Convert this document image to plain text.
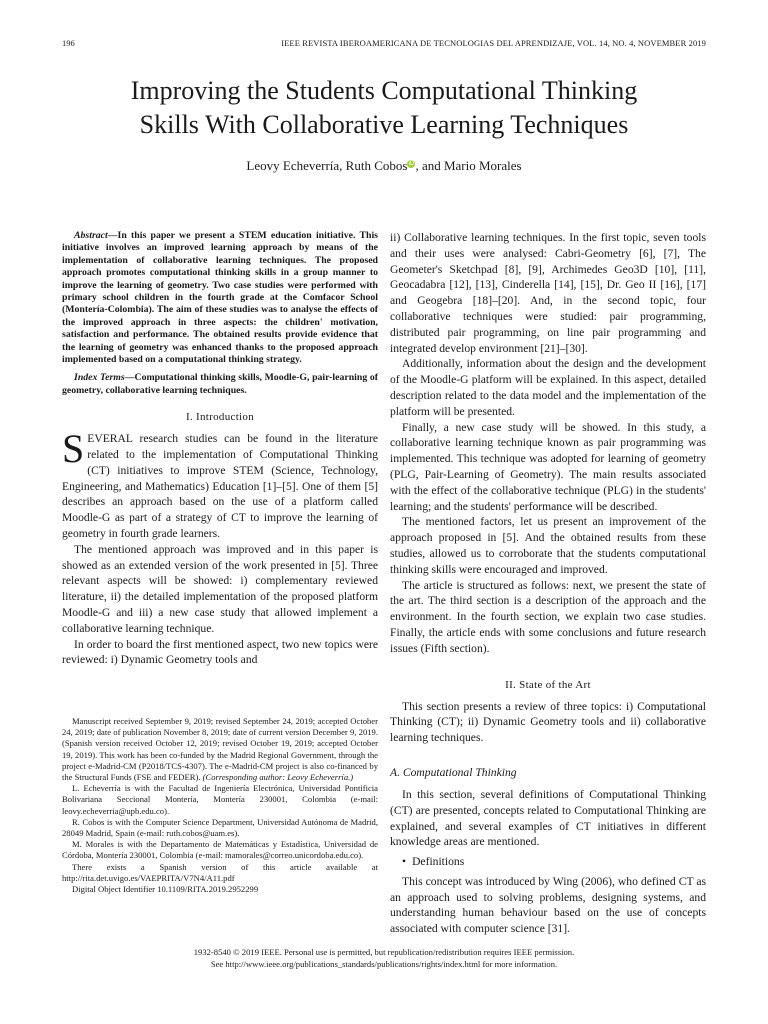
196	IEEE REVISTA IBEROAMERICANA DE TECNOLOGIAS DEL APRENDIZAJE, VOL. 14, NO. 4, NOVEMBER 2019
Improving the Students Computational Thinking
Skills With Collaborative Learning Techniques
Leovy Echeverría, Ruth CobosiD, and Mario Morales

Abstract—In this paper we present a STEM education initiative. This initiative involves an improved learning approach by means of the implementation of collaborative learning techniques. The proposed approach promotes computational thinking skills in a group manner to improve the learning of geometry. Two case studies were performed with primary school children in the fourth grade at the Comfacor School (Montería-Colombia). The aim of these studies was to analyse the effects of the improved approach in three aspects: the children' motivation, satisfaction and performance. The obtained results provide evidence that the learning of geometry was enhanced thanks to the proposed approach implemented based on a computational thinking strategy.

Index Terms—Computational thinking skills, Moodle-G, pair-learning of geometry, collaborative learning techniques.

I. Introduction

SEVERAL research studies can be found in the literature related to the implementation of Computational Thinking (CT) initiatives to improve STEM (Science, Technology, Engineering, and Mathematics) Education [1]–[5]. One of them [5] describes an approach based on the use of a platform called Moodle-G as part of a strategy of CT to improve the learning of geometry in fourth grade learners.

The mentioned approach was improved and in this paper is showed as an extended version of the work presented in [5]. Three relevant aspects will be showed: i) complementary reviewed literature, ii) the detailed implementation of the proposed platform Moodle-G and iii) a new case study that allowed implement a collaborative learning technique.

In order to board the first mentioned aspect, two new topics were reviewed: i) Dynamic Geometry tools and

Manuscript received September 9, 2019; revised September 24, 2019; accepted October 24, 2019; date of publication November 8, 2019; date of current version December 9, 2019. (Spanish version received October 12, 2019; revised October 19, 2019; accepted October 19, 2019). This work has been co-funded by the Madrid Regional Government, through the project e-Madrid-CM (P2018/TCS-4307). The e-Madrid-CM project is also co-financed by the Structural Funds (FSE and FEDER). (Corresponding author: Leovy Echeverría.)

L. Echeverría is with the Facultad de Ingeniería Electrónica, Universidad Pontificia Bolivariana Seccional Montería, Montería 230001, Colombia (e-mail: leovy.echeverria@upb.edu.co).

R. Cobos is with the Computer Science Department, Universidad Autónoma de Madrid, 28049 Madrid, Spain (e-mail: ruth.cobos@uam.es).

M. Morales is with the Departamento de Matemáticas y Estadística, Universidad de Córdoba, Montería 230001, Colombia (e-mail: mamorales@correo.unicordoba.edu.co).

There exists a Spanish version of this article available at http://rita.det.uvigo.es/VAEPRITA/V7N4/A11.pdf

Digital Object Identifier 10.1109/RITA.2019.2952299

ii) Collaborative learning techniques. In the first topic, seven tools and their uses were analysed: Cabri-Geometry [6], [7], The Geometer's Sketchpad [8], [9], Archimedes Geo3D [10], [11], Geocadabra [12], [13], Cinderella [14], [15], Dr. Geo II [16], [17] and Geogebra [18]–[20]. And, in the second topic, four collaborative techniques were studied: pair programming, distributed pair programming, on line pair programming and integrated develop environment [21]–[30].

Additionally, information about the design and the development of the Moodle-G platform will be explained. In this aspect, detailed description related to the data model and the implementation of the platform will be presented.

Finally, a new case study will be showed. In this study, a collaborative learning technique known as pair programming was implemented. This technique was adopted for learning of geometry (PLG, Pair-Learning of Geometry). The main results associated with the effect of the collaborative technique (PLG) in the students' learning; and the students' performance will be described.

The mentioned factors, let us present an improvement of the approach proposed in [5]. And the obtained results from these studies, allowed us to corroborate that the students computational thinking skills were encouraged and improved.

The article is structured as follows: next, we present the state of the art. The third section is a description of the approach and the environment. In the fourth section, we explain two case studies. Finally, the article ends with some conclusions and future research issues (Fifth section).

II. State of the Art

This section presents a review of three topics: i) Computational Thinking (CT); ii) Dynamic Geometry tools and ii) collaborative learning techniques.

A. Computational Thinking

In this section, several definitions of Computational Thinking (CT) are presented, concepts related to Computational Thinking are explained, and several examples of CT initiatives in different knowledge areas are mentioned.

• Definitions

This concept was introduced by Wing (2006), who defined CT as an approach used to solving problems, designing systems, and understanding human behaviour based on the use of concepts associated with computer science [31].

1932-8540 © 2019 IEEE. Personal use is permitted, but republication/redistribution requires IEEE permission.
See http://www.ieee.org/publications_standards/publications/rights/index.html for more information.
